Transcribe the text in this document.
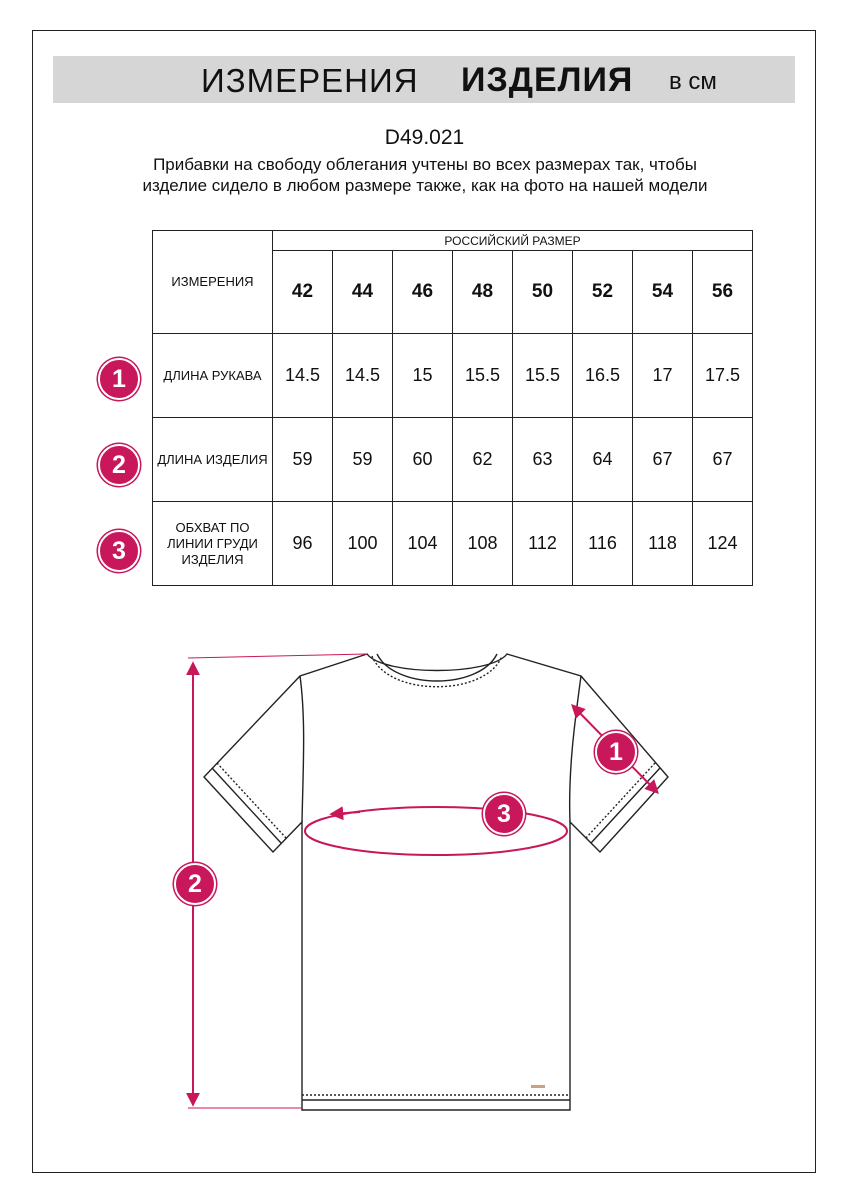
ИЗМЕРЕНИЯ ИЗДЕЛИЯ в см
D49.021
Прибавки на свободу облегания учтены во всех размерах так, чтобы изделие сидело в любом размере также, как на фото на нашей модели
ИЗМЕРЕНИЯ	РОССИЙСКИЙ РАЗМЕР							
	42	44	46	48	50	52	54	56
ДЛИНА РУКАВА	14.5	14.5	15	15.5	15.5	16.5	17	17.5
ДЛИНА ИЗДЕЛИЯ	59	59	60	62	63	64	67	67
ОБХВАТ ПО ЛИНИИ ГРУДИ ИЗДЕЛИЯ	96	100	104	108	112	116	118	124
1
2
3
1
2
3
